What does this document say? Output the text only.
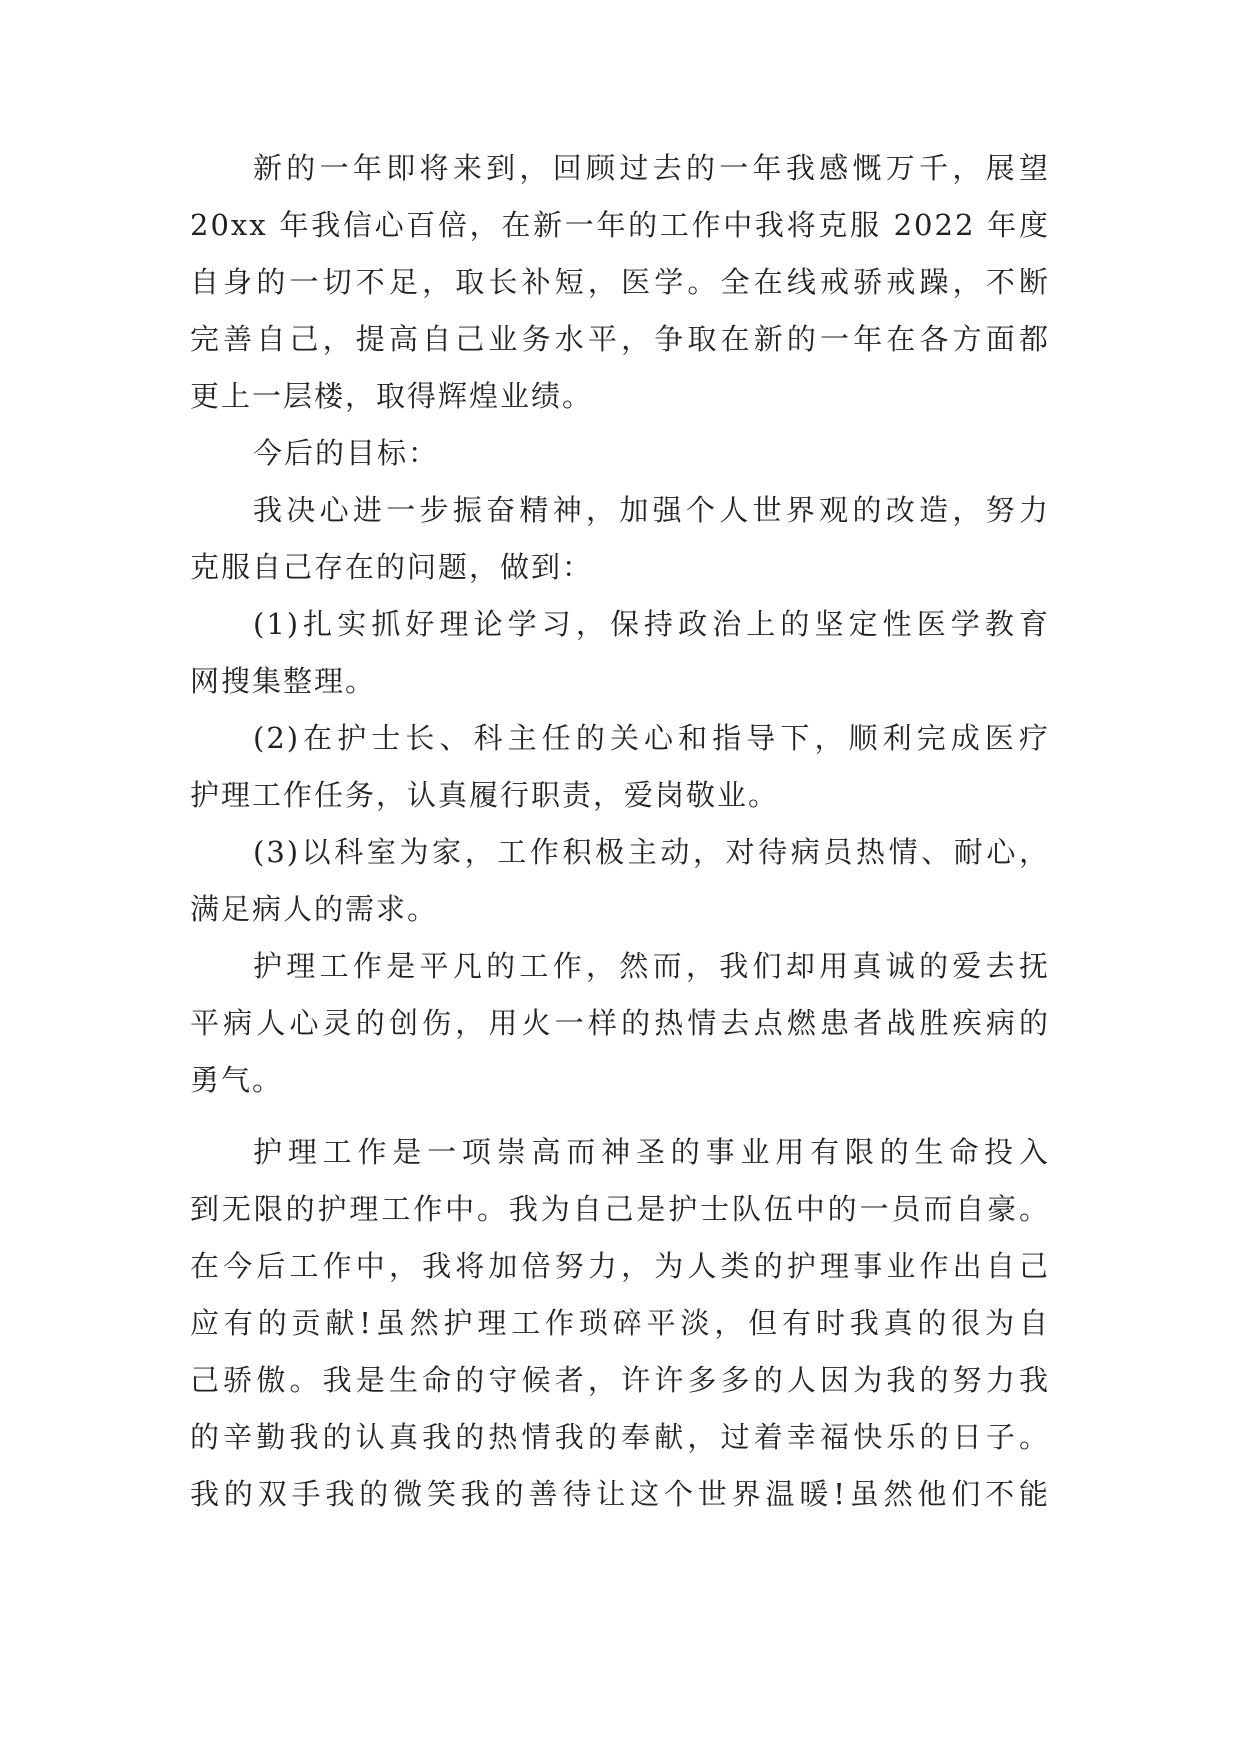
新的一年即将来到，回顾过去的一年我感慨万千，展望
20xx 年我信心百倍，在新一年的工作中我将克服 2022 年度
自身的一切不足，取长补短，医学。全在线戒骄戒躁，不断
完善自己，提高自己业务水平，争取在新的一年在各方面都
更上一层楼，取得辉煌业绩。
今后的目标：
我决心进一步振奋精神，加强个人世界观的改造，努力
克服自己存在的问题，做到：
(1)扎实抓好理论学习，保持政治上的坚定性医学教育
网搜集整理。
(2)在护士长、科主任的关心和指导下，顺利完成医疗
护理工作任务，认真履行职责，爱岗敬业。
(3)以科室为家，工作积极主动，对待病员热情、耐心，
满足病人的需求。
护理工作是平凡的工作，然而，我们却用真诚的爱去抚
平病人心灵的创伤，用火一样的热情去点燃患者战胜疾病的
勇气。
护理工作是一项崇高而神圣的事业用有限的生命投入
到无限的护理工作中。我为自己是护士队伍中的一员而自豪。
在今后工作中，我将加倍努力，为人类的护理事业作出自己
应有的贡献!虽然护理工作琐碎平淡，但有时我真的很为自
己骄傲。我是生命的守候者，许许多多的人因为我的努力我
的辛勤我的认真我的热情我的奉献，过着幸福快乐的日子。
我的双手我的微笑我的善待让这个世界温暖!虽然他们不能
